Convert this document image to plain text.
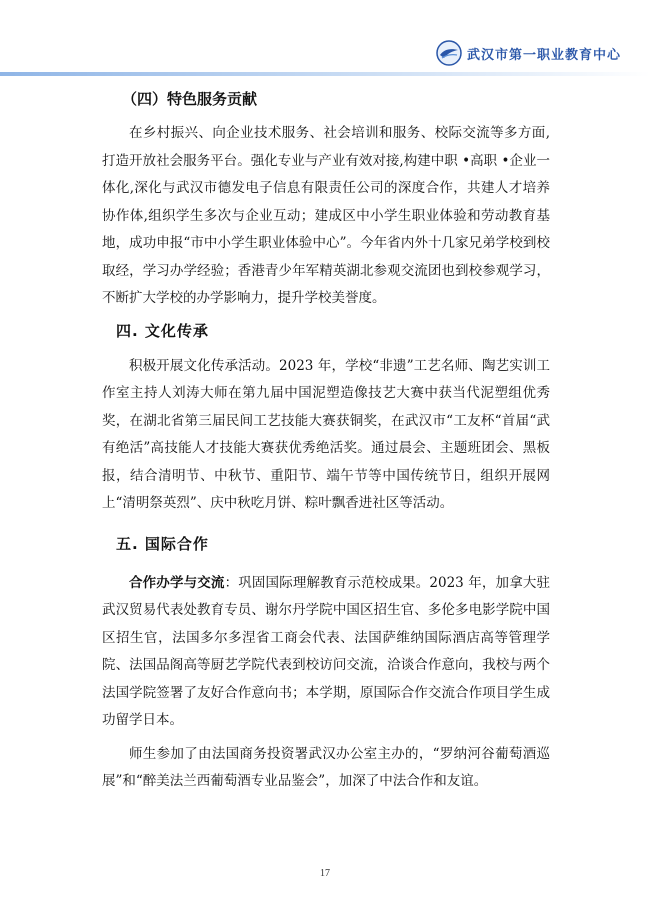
武汉市第一职业教育中心
（四）特色服务贡献

在乡村振兴、向企业技术服务、社会培训和服务、校际交流等多方面,打造开放社会服务平台。强化专业与产业有效对接,构建中职 •高职 •企业一体化,深化与武汉市德发电子信息有限责任公司的深度合作，共建人才培养协作体,组织学生多次与企业互动；建成区中小学生职业体验和劳动教育基地，成功申报“市中小学生职业体验中心”。今年省内外十几家兄弟学校到校取经，学习办学经验；香港青少年军精英湖北参观交流团也到校参观学习，不断扩大学校的办学影响力，提升学校美誉度。

四. 文化传承

积极开展文化传承活动。2023 年，学校“非遗”工艺名师、陶艺实训工作室主持人刘涛大师在第九届中国泥塑造像技艺大赛中获当代泥塑组优秀奖，在湖北省第三届民间工艺技能大赛获铜奖，在武汉市“工友杯“首届“武有绝活”高技能人才技能大赛获优秀绝活奖。通过晨会、主题班团会、黑板报，结合清明节、中秋节、重阳节、端午节等中国传统节日，组织开展网上“清明祭英烈”、庆中秋吃月饼、粽叶飘香进社区等活动。

五. 国际合作

合作办学与交流：巩固国际理解教育示范校成果。2023 年，加拿大驻武汉贸易代表处教育专员、谢尔丹学院中国区招生官、多伦多电影学院中国区招生官，法国多尔多涅省工商会代表、法国萨维纳国际酒店高等管理学院、法国品阁高等厨艺学院代表到校访问交流，洽谈合作意向，我校与两个法国学院签署了友好合作意向书；本学期，原国际合作交流合作项目学生成功留学日本。

师生参加了由法国商务投资署武汉办公室主办的，“罗纳河谷葡萄酒巡展”和“醉美法兰西葡萄酒专业品鉴会”，加深了中法合作和友谊。

17
